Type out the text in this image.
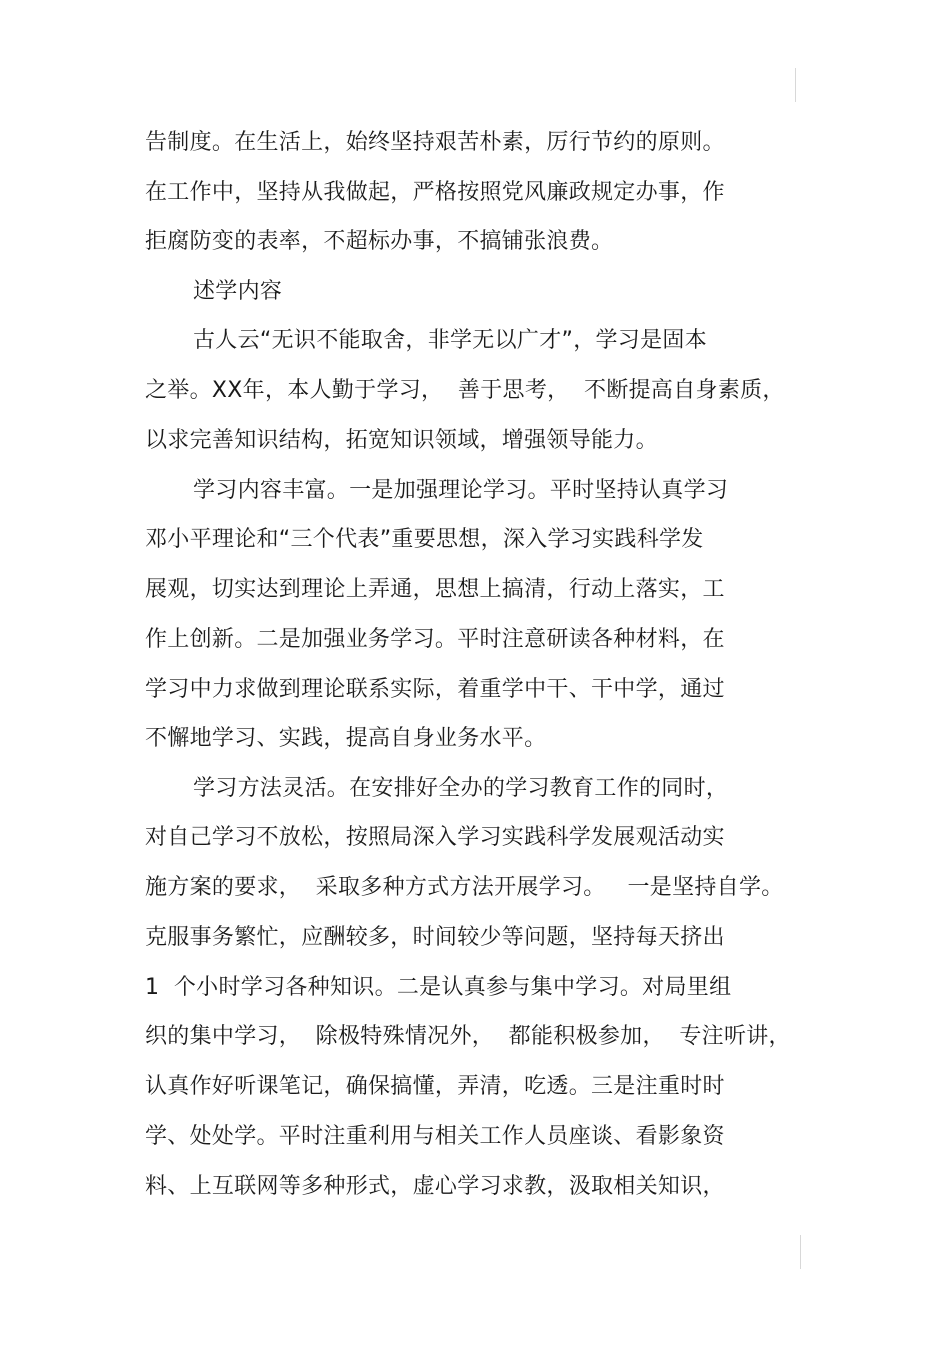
告制度。在生活上，始终坚持艰苦朴素，厉行节约的原则。

在工作中，坚持从我做起，严格按照党风廉政规定办事，作

拒腐防变的表率，不超标办事，不搞铺张浪费。

述学内容

古人云“无识不能取舍，非学无以广才”，学习是固本

之举。XX年，本人勤于学习，  善于思考，  不断提高自身素质，

以求完善知识结构，拓宽知识领域，增强领导能力。

学习内容丰富。一是加强理论学习。平时坚持认真学习

邓小平理论和“三个代表”重要思想，深入学习实践科学发

展观，切实达到理论上弄通，思想上搞清，行动上落实，工

作上创新。二是加强业务学习。平时注意研读各种材料，在

学习中力求做到理论联系实际，着重学中干、干中学，通过

不懈地学习、实践，提高自身业务水平。

学习方法灵活。在安排好全办的学习教育工作的同时，

对自己学习不放松，按照局深入学习实践科学发展观活动实

施方案的要求，  采取多种方式方法开展学习。   一是坚持自学。

克服事务繁忙，应酬较多，时间较少等问题，坚持每天挤出

1  个小时学习各种知识。二是认真参与集中学习。对局里组

织的集中学习，  除极特殊情况外，  都能积极参加，  专注听讲，

认真作好听课笔记，确保搞懂，弄清，吃透。三是注重时时

学、处处学。平时注重利用与相关工作人员座谈、看影象资

料、上互联网等多种形式，虚心学习求教，汲取相关知识，
